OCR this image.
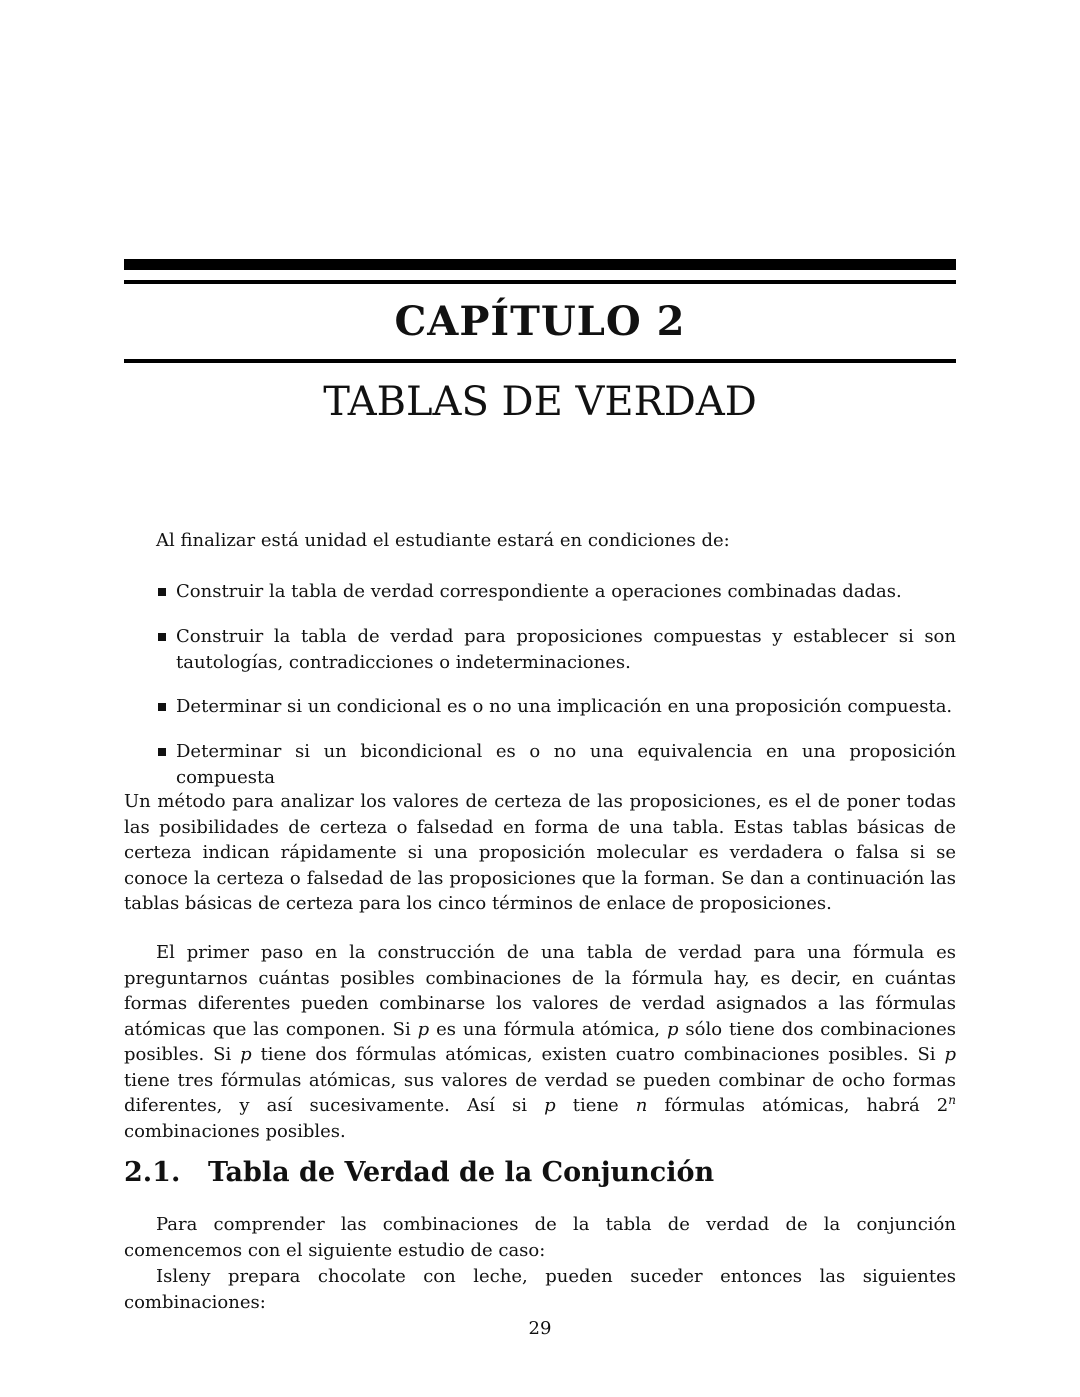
CAPÍTULO 2
TABLAS DE VERDAD

Al finalizar está unidad el estudiante estará en condiciones de:

Construir la tabla de verdad correspondiente a operaciones combinadas dadas.
Construir la tabla de verdad para proposiciones compuestas y establecer si son tautologías, contradicciones o indeterminaciones.
Determinar si un condicional es o no una implicación en una proposición compuesta.
Determinar si un bicondicional es o no una equivalencia en una proposición compuesta

Un método para analizar los valores de certeza de las proposiciones, es el de poner todas las posibilidades de certeza o falsedad en forma de una tabla. Estas tablas básicas de certeza indican rápidamente si una proposición molecular es verdadera o falsa si se conoce la certeza o falsedad de las proposiciones que la forman. Se dan a continuación las tablas básicas de certeza para los cinco términos de enlace de proposiciones.

El primer paso en la construcción de una tabla de verdad para una fórmula es preguntarnos cuántas posibles combinaciones de la fórmula hay, es decir, en cuántas formas diferentes pueden combinarse los valores de verdad asignados a las fórmulas atómicas que las componen. Si p es una fórmula atómica, p sólo tiene dos combinaciones posibles. Si p tiene dos fórmulas atómicas, existen cuatro combinaciones posibles. Si p tiene tres fórmulas atómicas, sus valores de verdad se pueden combinar de ocho formas diferentes, y así sucesivamente. Así si p tiene n fórmulas atómicas, habrá 2$^n$ combinaciones posibles.

2.1. Tabla de Verdad de la Conjunción

Para comprender las combinaciones de la tabla de verdad de la conjunción comencemos con el siguiente estudio de caso:

Isleny prepara chocolate con leche, pueden suceder entonces las siguientes combinaciones:

29
